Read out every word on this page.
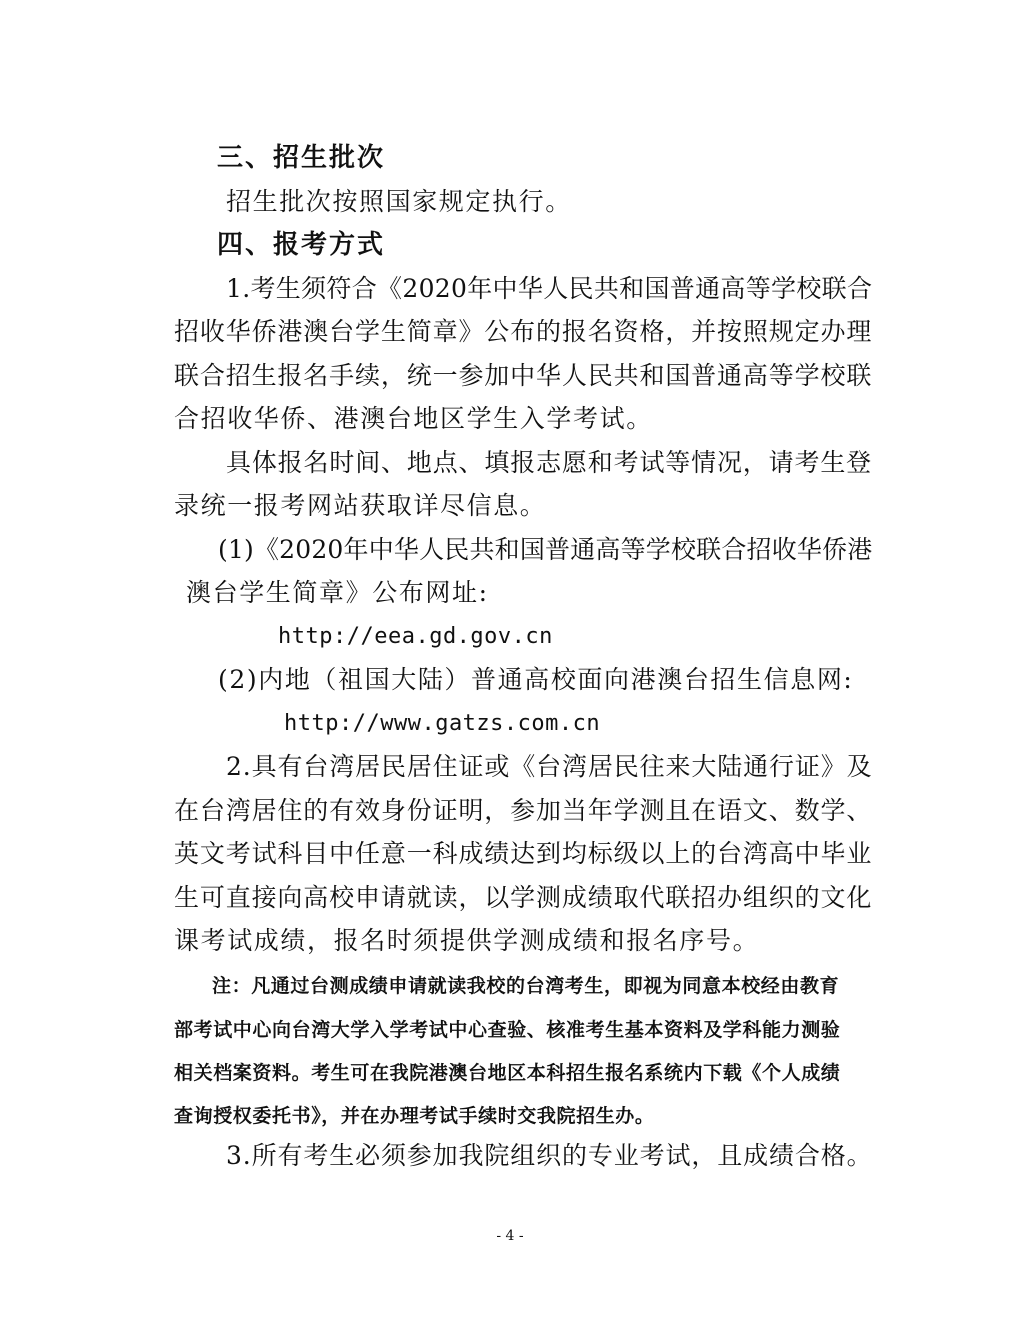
三、招生批次
招生批次按照国家规定执行。
四、报考方式
1.考生须符合《2020年中华人民共和国普通高等学校联合
招收华侨港澳台学生简章》公布的报名资格，并按照规定办理
联合招生报名手续，统一参加中华人民共和国普通高等学校联
合招收华侨、港澳台地区学生入学考试。
具体报名时间、地点、填报志愿和考试等情况，请考生登
录统一报考网站获取详尽信息。
(1)《2020年中华人民共和国普通高等学校联合招收华侨港
澳台学生简章》公布网址:
http://eea.gd.gov.cn
(2)内地（祖国大陆）普通高校面向港澳台招生信息网:
http://www.gatzs.com.cn
2.具有台湾居民居住证或《台湾居民往来大陆通行证》及
在台湾居住的有效身份证明，参加当年学测且在语文、数学、
英文考试科目中任意一科成绩达到均标级以上的台湾高中毕业
生可直接向高校申请就读，以学测成绩取代联招办组织的文化
课考试成绩，报名时须提供学测成绩和报名序号。
注：凡通过台测成绩申请就读我校的台湾考生，即视为同意本校经由教育
部考试中心向台湾大学入学考试中心查验、核准考生基本资料及学科能力测验
相关档案资料。考生可在我院港澳台地区本科招生报名系统内下载《个人成绩
查询授权委托书》，并在办理考试手续时交我院招生办。
3.所有考生必须参加我院组织的专业考试，且成绩合格。
- 4 -
